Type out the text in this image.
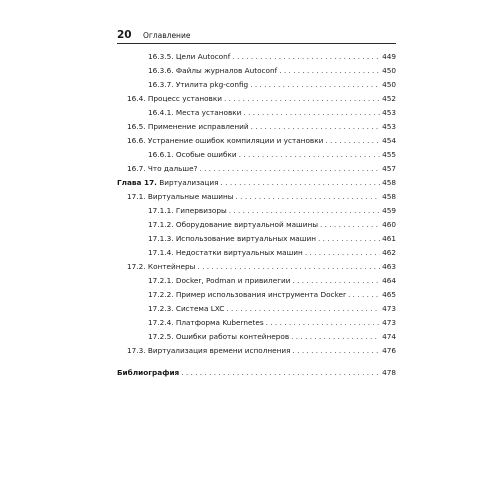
20 Оглавление
16.3.5. Цели Autoconf . . .	449
16.3.6. Файлы журналов Autoconf . . .	450
16.3.7. Утилита pkg-config . . .	450
16.4. Процесс установки . . .	452
16.4.1. Места установки . . .	453
16.5. Применение исправлений . . .	453
16.6. Устранение ошибок компиляции и установки . . .	454
16.6.1. Особые ошибки . . .	455
16.7. Что дальше? . . .	457
Глава 17. Виртуализация . . .	458
17.1. Виртуальные машины . . .	458
17.1.1. Гипервизоры . . .	459
17.1.2. Оборудование виртуальной машины . . .	460
17.1.3. Использование виртуальных машин . . .	461
17.1.4. Недостатки виртуальных машин . . .	462
17.2. Контейнеры . . .	463
17.2.1. Docker, Podman и привилегии . . .	464
17.2.2. Пример использования инструмента Docker . . .	465
17.2.3. Система LXC . . .	473
17.2.4. Платформа Kubernetes . . .	473
17.2.5. Ошибки работы контейнеров . . .	474
17.3. Виртуализация времени исполнения . . .	476
Библиография . . .	478
